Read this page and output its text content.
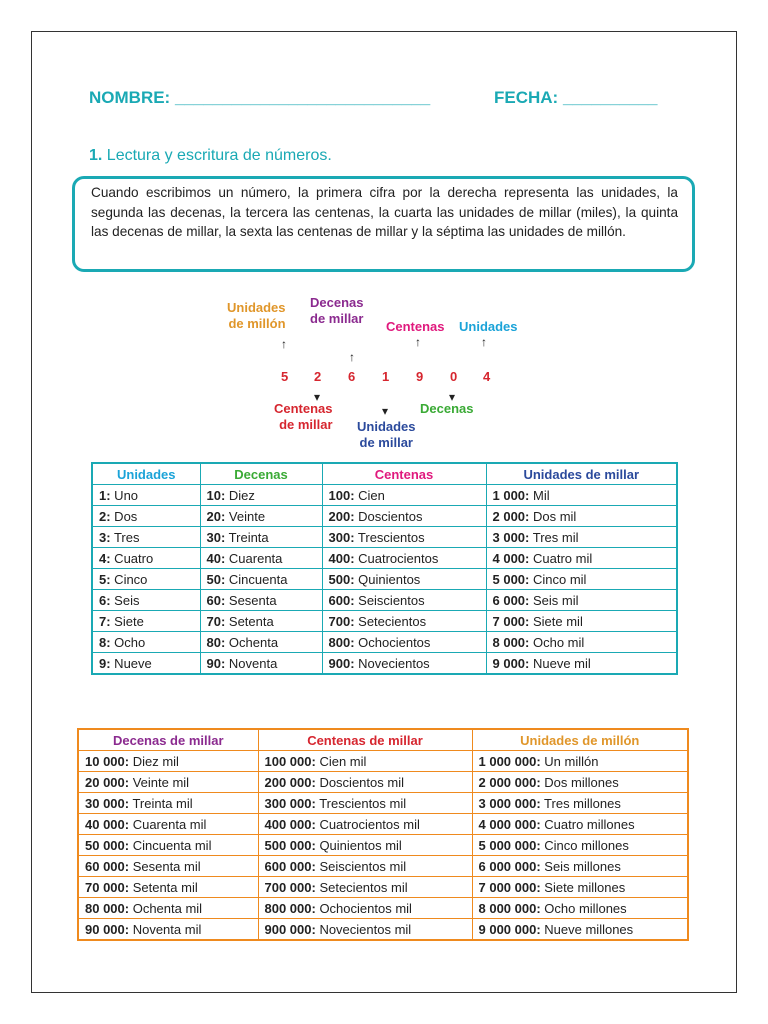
NOMBRE: ___________________________	FECHA: __________
1. Lectura y escritura de números.
Cuando escribimos un número, la primera cifra por la derecha representa las unidades, la segunda las decenas, la tercera las centenas, la cuarta las unidades de millar (miles), la quinta las decenas de millar, la sexta las centenas de millar y la séptima las unidades de millón.
Unidades
de millón
Decenas
de millar
Centenas Unidades
↑
↑
↑	↑
5 2 6 1 9 0 4
▾
▾
▾
Centenas
de millar Unidades
de millar
Decenas
Unidades	Decenas	Centenas	Unidades de millar
1: Uno	10: Diez	100: Cien	1 000: Mil
2: Dos	20: Veinte	200: Doscientos	2 000: Dos mil
3: Tres	30: Treinta	300: Trescientos	3 000: Tres mil
4: Cuatro	40: Cuarenta	400: Cuatrocientos	4 000: Cuatro mil
5: Cinco	50: Cincuenta	500: Quinientos	5 000: Cinco mil
6: Seis	60: Sesenta	600: Seiscientos	6 000: Seis mil
7: Siete	70: Setenta	700: Setecientos	7 000: Siete mil
8: Ocho	80: Ochenta	800: Ochocientos	8 000: Ocho mil
9: Nueve	90: Noventa	900: Novecientos	9 000: Nueve mil
Decenas de millar	Centenas de millar	Unidades de millón
10 000: Diez mil	100 000: Cien mil	1 000 000: Un millón
20 000: Veinte mil	200 000: Doscientos mil	2 000 000: Dos millones
30 000: Treinta mil	300 000: Trescientos mil	3 000 000: Tres millones
40 000: Cuarenta mil	400 000: Cuatrocientos mil	4 000 000: Cuatro millones
50 000: Cincuenta mil	500 000: Quinientos mil	5 000 000: Cinco millones
60 000: Sesenta mil	600 000: Seiscientos mil	6 000 000: Seis millones
70 000: Setenta mil	700 000: Setecientos mil	7 000 000: Siete millones
80 000: Ochenta mil	800 000: Ochocientos mil	8 000 000: Ocho millones
90 000: Noventa mil	900 000: Novecientos mil	9 000 000: Nueve millones
